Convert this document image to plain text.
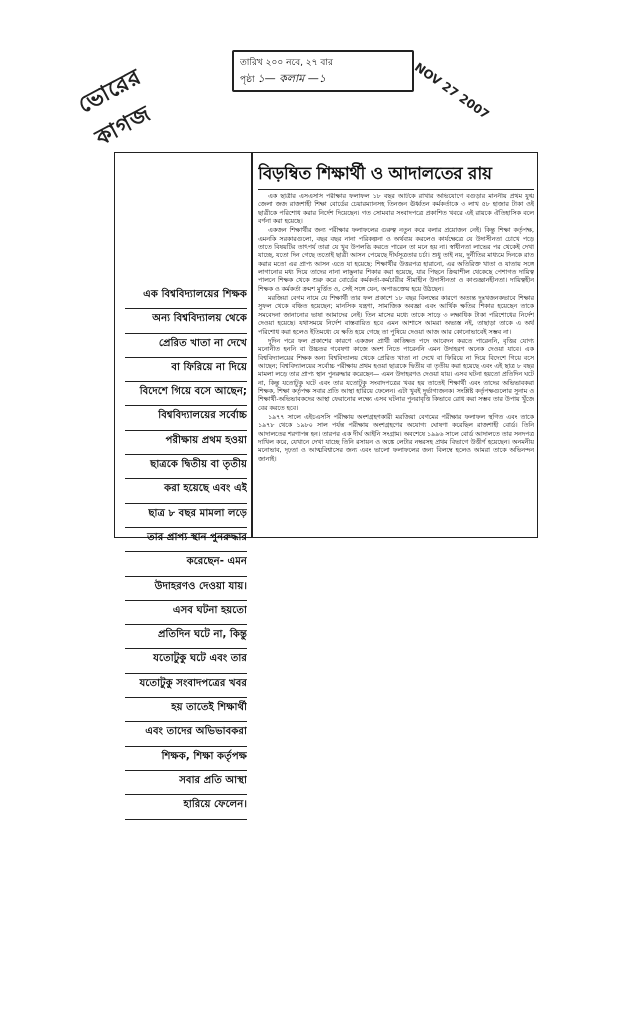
ভোরের কাগজ
তারিখ ২০০ নবে, ২৭ বার
পৃষ্ঠা ১— কলাম —১	NOV 27 2007
এক বিশ্ববিদ্যালয়ের শিক্ষক
অন্য বিশ্ববিদ্যালয় থেকে
প্রেরিত খাতা না দেখে
বা ফিরিয়ে না দিয়ে
বিদেশে গিয়ে বসে আছেন;
বিশ্ববিদ্যালয়ের সর্বোচ্চ
পরীক্ষায় প্রথম হওয়া
ছাত্রকে দ্বিতীয় বা তৃতীয়
করা হয়েছে এবং এই
ছাত্র ৮ বছর মামলা লড়ে
তার প্রাপ্য স্থান পুনরুদ্ধার
করেছেন- এমন
উদাহরণও দেওয়া যায়।
এসব ঘটনা হয়তো
প্রতিদিন ঘটে না, কিন্তু
যতোটুকু ঘটে এবং তার
যতোটুকু সংবাদপত্রের খবর
হয় তাতেই শিক্ষার্থী
এবং তাদের অভিভাবকরা
শিক্ষক, শিক্ষা কর্তৃপক্ষ
সবার প্রতি আস্থা
হারিয়ে ফেলেন।
বিড়ম্বিত শিক্ষার্থী ও আদালতের রায়

এক ছাত্রীর এসএসসি পরীক্ষার ফলাফল ১৮ বছর আটকে রাখার অভিযোগে বগুড়ার মাননীয় প্রথম যুগ্ম জেলা জজ রাজশাহী শিক্ষা বোর্ডের চেয়ারম্যানসহ তিনজন ঊর্ধ্বতন কর্মকর্তাকে ৩ লাখ ৫৮ হাজার টাকা ওই ছাত্রীকে পরিশোধ করার নির্দেশ দিয়েছেন। গত সোমবার সংবাদপত্রে প্রকাশিত খবরে এই রায়কে ঐতিহাসিক বলে বর্ণনা করা হয়েছে।

একজন শিক্ষার্থীর জন্য পরীক্ষার ফলাফলের গুরুত্ব নতুন করে বলার প্রয়োজন নেই। কিন্তু শিক্ষা কর্তৃপক্ষ, এমনকি সরকারগুলো, বছর বছর নানা পরিকল্পনা ও অর্থব্যয় করলেও কার্যক্ষেত্রে যে উদাসীনতা চোখে পড়ে তাতে বিষয়টির তাৎপর্য তারা যে খুব উপলব্ধি করতে পারেন তা মনে হয় না। স্বাধীনতা লাভের পর থেকেই দেখা যাচ্ছে, যতো দিন গেছে ততোই ছাত্রী আসন পেয়েছে দীর্ঘসূত্রতার চর্চা। শুধু তাই নয়, দুর্নীতির মাধ্যমে দিনকে রাত করার মতো এর প্রাপ্য আসন এতে যা হয়েছে: শিক্ষার্থীর উত্তরপত্র হারানো, এর অতিরিক্ত খাতা ও যাতায় সঙ্গে লাগানোর মধ্য দিয়ে তাদের নানা লাঞ্ছনার শিকার করা হয়েছে, যার পিছনে ক্রিয়াশীল থেকেছে পেশাগত দায়িত্ব পালনে শিক্ষক থেকে শুরু করে বোর্ডের কর্মকর্তা-কর্মচারীর সীমাহীন উদাসীনতা ও কাণ্ডজ্ঞানহীনতা। দায়িত্বহীন শিক্ষক ও কর্মকর্তা ক্রমশ মুর্ত্তিত ও, সেই সঙ্গে যেন, অপাঙক্তেয় হয়ে উঠছেন।

মরজিয়া বেগম নামে যে শিক্ষার্থী তার ফল প্রকাশে ১৮ বছর বিলম্বের কারণে অত্যন্ত দুঃখজনকভাবে শিক্ষার সুফল থেকে বঞ্চিত হয়েছেন; মানসিক যন্ত্রণা, সামাজিক অবজ্ঞা এবং আর্থিক ক্ষতির শিকার হয়েছেন তাকে সমবেদনা জানানোর ভাষা আমাদের নেই। তিন মাসের মধ্যে তাকে সাড়ে ৩ লক্ষাধিক টাকা পরিশোধের নির্দেশ দেওয়া হয়েছে। যথাসময়ে নির্দেশ বাস্তবায়িত হবে এমন আশাসে আমরা অভ্যস্ত নই, তাছাড়া তাকে এ অর্থ পরিশোধ করা হলেও ইতিমধ্যে যে ক্ষতি হয়ে গেছে তা পুষিয়ে দেওয়া আজ আর কোনোভাবেই সম্ভব না।

দুদিন পরে ফল প্রকাশের কারণে একজন প্রার্থী কাঙ্ক্ষিত পদে আবেদন করতে পারেননি, বৃত্তির যোগ্য মনোনীত হননি বা উচ্চতর গবেষণা কাজে অংশ নিতে পারেননি এমন উদাহরণ অনেক দেওয়া যাবে। এক বিশ্ববিদ্যালয়ের শিক্ষক অন্য বিশ্ববিদ্যালয় থেকে প্রেরিত খাতা না দেখে বা ফিরিয়ে না দিয়ে বিদেশে গিয়ে বসে আছেন; বিশ্ববিদ্যালয়ের সর্বোচ্চ পরীক্ষায় প্রথম হওয়া ছাত্রকে দ্বিতীয় বা তৃতীয় করা হয়েছে এবং এই ছাত্র ৮ বছর মামলা লড়ে তার প্রাপ্য স্থান পুনরুদ্ধার করেছেন— এমন উদাহরণও দেওয়া যায়। এসব ঘটনা হয়তো প্রতিদিন ঘটে না, কিন্তু যতোটুকু ঘটে এবং তার যতোটুকু সংবাদপত্রের খবর হয় তাতেই শিক্ষার্থী এবং তাদের অভিভাবকরা শিক্ষক, শিক্ষা কর্তৃপক্ষ সবার প্রতি আস্থা হারিয়ে ফেলেন। এটা খুবই দুর্ভাগ্যজনক। সংশ্লিষ্ট কর্তৃপক্ষগুলোর সুনাম ও শিক্ষার্থী-অভিভাবকদের আস্থা ফেরানোর লক্ষ্যে এসব ঘটনার পুনরাবৃত্তি কিভাবে রোধ করা সম্ভব তার উপায় খুঁজে বের করতে হবে।

১৯৭৭ সালে এইচএসসি পরীক্ষায় অংশগ্রহণকারী মরজিয়া বেগমের পরীক্ষার ফলাফল স্থগিত এবং তাকে ১৯৭৮ থেকে ১৯৮০ সাল পর্যন্ত পরীক্ষায় অংশগ্রহণের অযোগ্য ঘোষণা করেছিল রাজশাহী বোর্ড। তিনি আদালতের শরণাপন্ন হন। তারপর এক দীর্ঘ আইনি সংগ্রাম। অবশেষে ১৯৯৬ সালে বোর্ড আদালতে তার সনদপত্র দাখিল করে, যেখানে দেখা যাচ্ছে তিনি রসায়ন ও অঙ্কে লেটার নম্বরসহ প্রথম বিভাগে উত্তীর্ণ হয়েছেন। অনমনীয় মনোভাব, দৃঢ়তা ও আত্মবিশ্বাসের জন্য এবং ভালো ফলাফলের জন্য বিলম্বে হলেও আমরা তাকে অভিনন্দন জানাই।
